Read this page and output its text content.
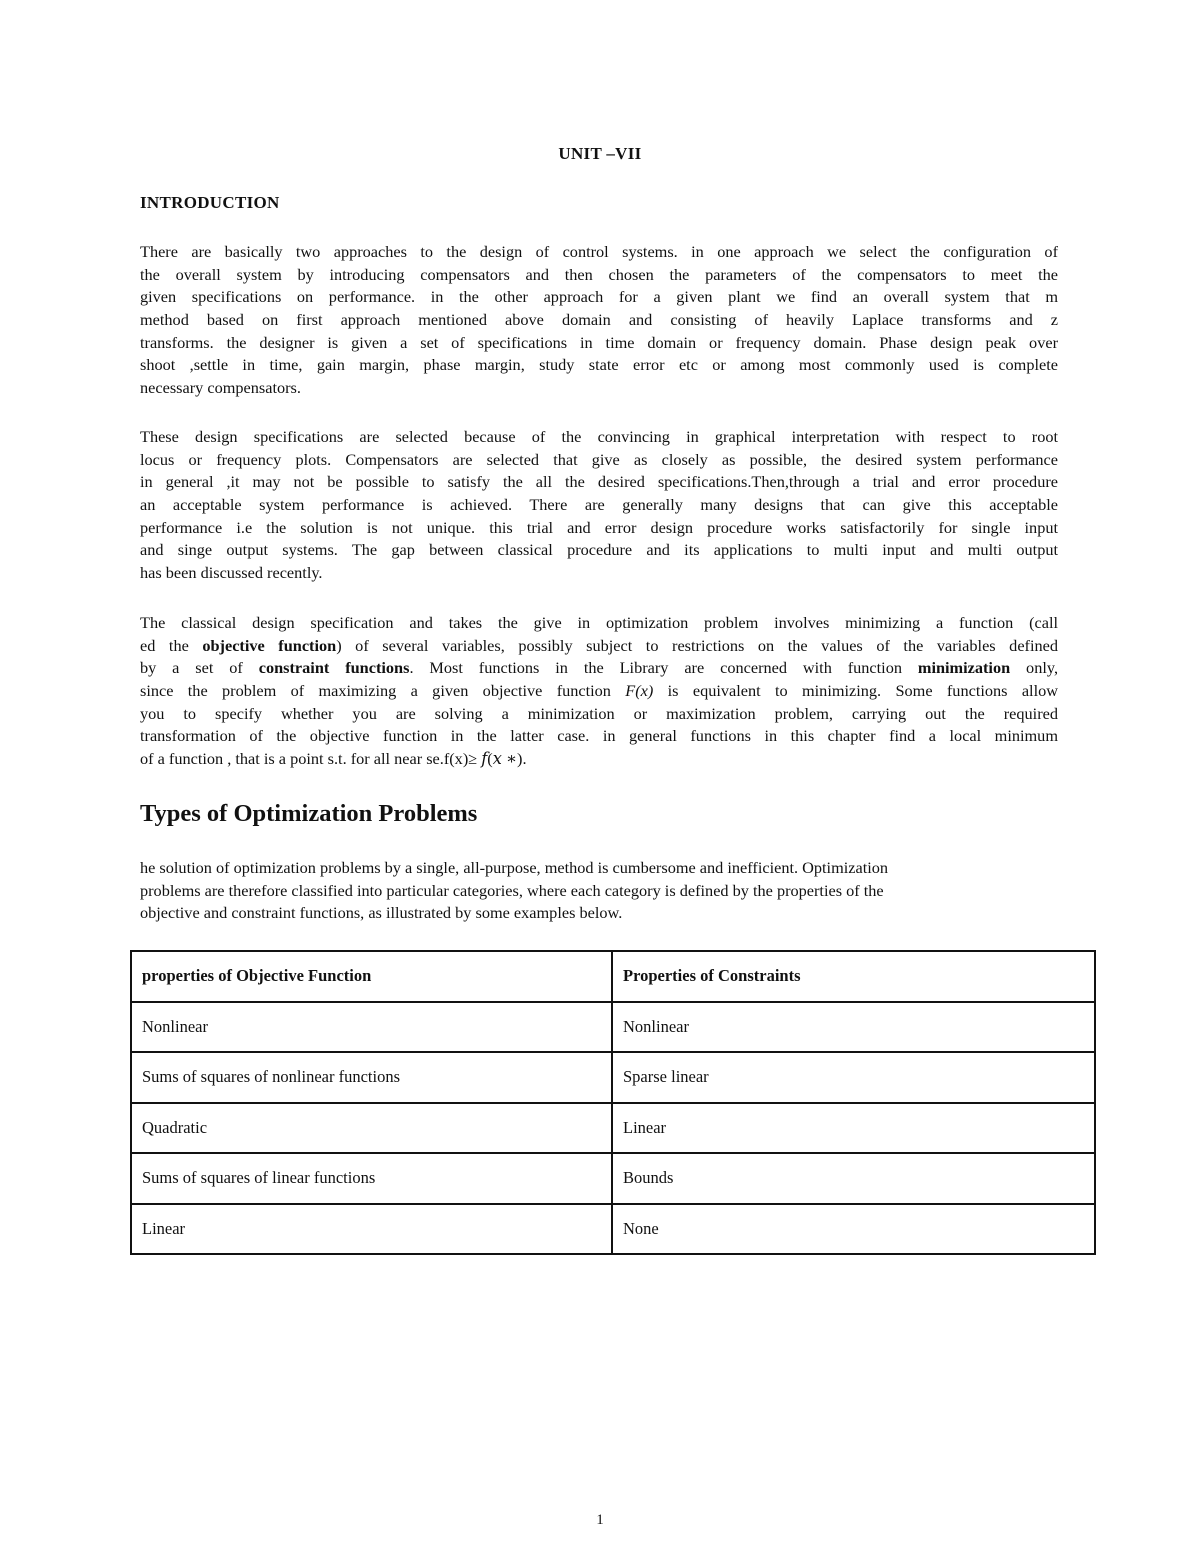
UNIT –VII
INTRODUCTION
There are basically two approaches to the design of control systems. in one approach we select the configuration of
the overall system by introducing compensators and then chosen the parameters of the compensators to meet the
given specifications on performance. in the other approach for a given plant we find an overall system that m
method based on first approach mentioned above domain and consisting of heavily Laplace transforms and z
transforms. the designer is given a set of specifications in time domain or frequency domain. Phase design peak over
shoot ,settle in time, gain margin, phase margin, study state error etc or among most commonly used is complete
necessary compensators.
These design specifications are selected because of the convincing in graphical interpretation with respect to root
locus or frequency plots. Compensators are selected that give as closely as possible, the desired system performance
in general ,it may not be possible to satisfy the all the desired specifications.Then,through a trial and error procedure
an acceptable system performance is achieved. There are generally many designs that can give this acceptable
performance i.e the solution is not unique. this trial and error design procedure works satisfactorily for single input
and singe output systems. The gap between classical procedure and its applications to multi input and multi output
has been discussed recently.
The classical design specification and takes the give in optimization problem involves minimizing a function (call
ed the objective function) of several variables, possibly subject to restrictions on the values of the variables defined
by a set of constraint functions. Most functions in the Library are concerned with function minimization only,
since the problem of maximizing a given objective function F(x) is equivalent to minimizing. Some functions allow
you to specify whether you are solving a minimization or maximization problem, carrying out the required
transformation of the objective function in the latter case. in general functions in this chapter find a local minimum
of a function , that is a point s.t. for all near se.f(x)≥ 𝑓(𝑥 ∗).
Types of Optimization Problems
he solution of optimization problems by a single, all-purpose, method is cumbersome and inefficient. Optimization
problems are therefore classified into particular categories, where each category is defined by the properties of the
objective and constraint functions, as illustrated by some examples below.
properties of Objective Function	Properties of Constraints
Nonlinear	Nonlinear
Sums of squares of nonlinear functions	Sparse linear
Quadratic	Linear
Sums of squares of linear functions	Bounds
Linear	None
1
